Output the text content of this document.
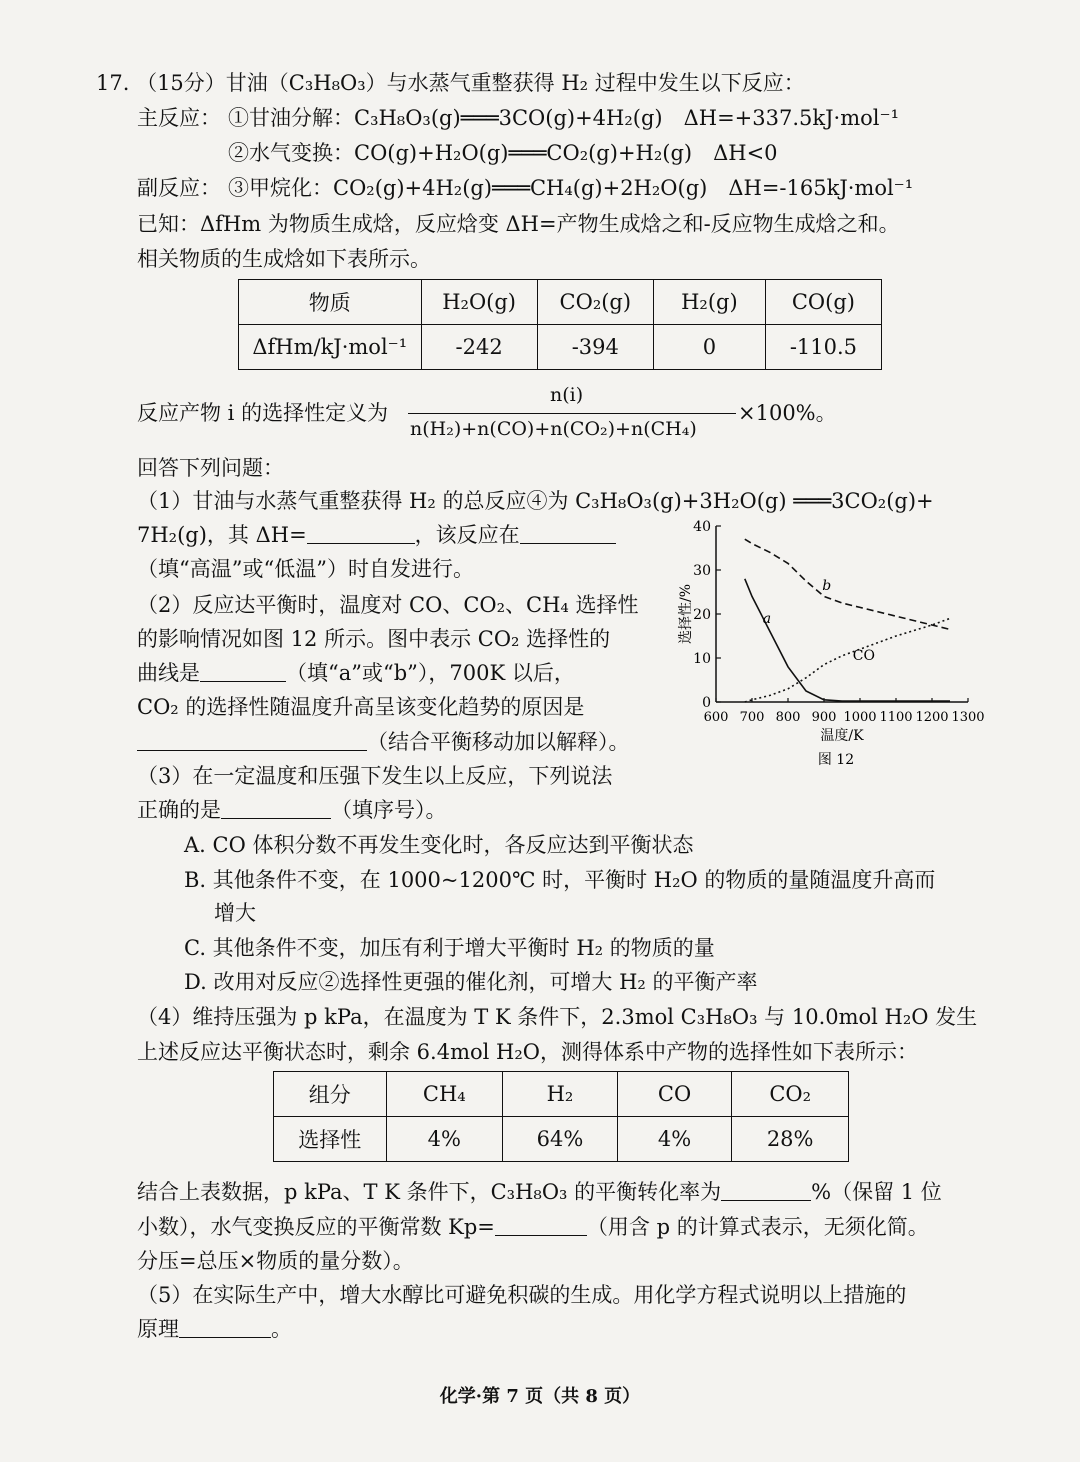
17. （15分）甘油（C₃H₈O₃）与水蒸气重整获得 H₂ 过程中发生以下反应：
主反应： ①甘油分解：C₃H₈O₃(g)═══3CO(g)+4H₂(g)　ΔH=+337.5kJ·mol⁻¹
②水气变换：CO(g)+H₂O(g)═══CO₂(g)+H₂(g)　ΔH<0
副反应： ③甲烷化：CO₂(g)+4H₂(g)═══CH₄(g)+2H₂O(g)　ΔH=-165kJ·mol⁻¹
已知：ΔfHm 为物质生成焓，反应焓变 ΔH=产物生成焓之和-反应物生成焓之和。
相关物质的生成焓如下表所示。
物质	H₂O(g)	CO₂(g)	H₂(g)	CO(g)
ΔfHm/kJ·mol⁻¹	-242	-394	0	-110.5
反应产物 i 的选择性定义为
n(i)
n(H₂)+n(CO)+n(CO₂)+n(CH₄)
×100%。
回答下列问题：
（1）甘油与水蒸气重整获得 H₂ 的总反应④为 C₃H₈O₃(g)+3H₂O(g) ═══3CO₂(g)+
7H₂(g)，其 ΔH=	，该反应在
（填“高温”或“低温”）时自发进行。
（2）反应达平衡时，温度对 CO、CO₂、CH₄ 选择性
的影响情况如图 12 所示。图中表示 CO₂ 选择性的
曲线是	（填“a”或“b”），700K 以后，
CO₂ 的选择性随温度升高呈该变化趋势的原因是
（结合平衡移动加以解释）。
（3）在一定温度和压强下发生以上反应，下列说法
正确的是	（填序号）。
A. CO 体积分数不再发生变化时，各反应达到平衡状态
B. 其他条件不变，在 1000~1200℃ 时，平衡时 H₂O 的物质的量随温度升高而
增大
C. 其他条件不变，加压有利于增大平衡时 H₂ 的物质的量
D. 改用对反应②选择性更强的催化剂，可增大 H₂ 的平衡产率
（4）维持压强为 p kPa，在温度为 T K 条件下，2.3mol C₃H₈O₃ 与 10.0mol H₂O 发生
上述反应达平衡状态时，剩余 6.4mol H₂O，测得体系中产物的选择性如下表所示：
组分	CH₄	H₂	CO	CO₂
选择性	4%	64%	4%	28%
结合上表数据，p kPa、T K 条件下，C₃H₈O₃ 的平衡转化率为	%（保留 1 位
小数），水气变换反应的平衡常数 Kp=	（用含 p 的计算式表示，无须化简。
分压=总压×物质的量分数）。
（5）在实际生产中，增大水醇比可避免积碳的生成。用化学方程式说明以上措施的
原理	。
0
10
20
30
40
600 700 800 900 1000 1100 1200 1300
温度/K
选择性/%
图 12
a
b
CO
化学·第 7 页（共 8 页）
